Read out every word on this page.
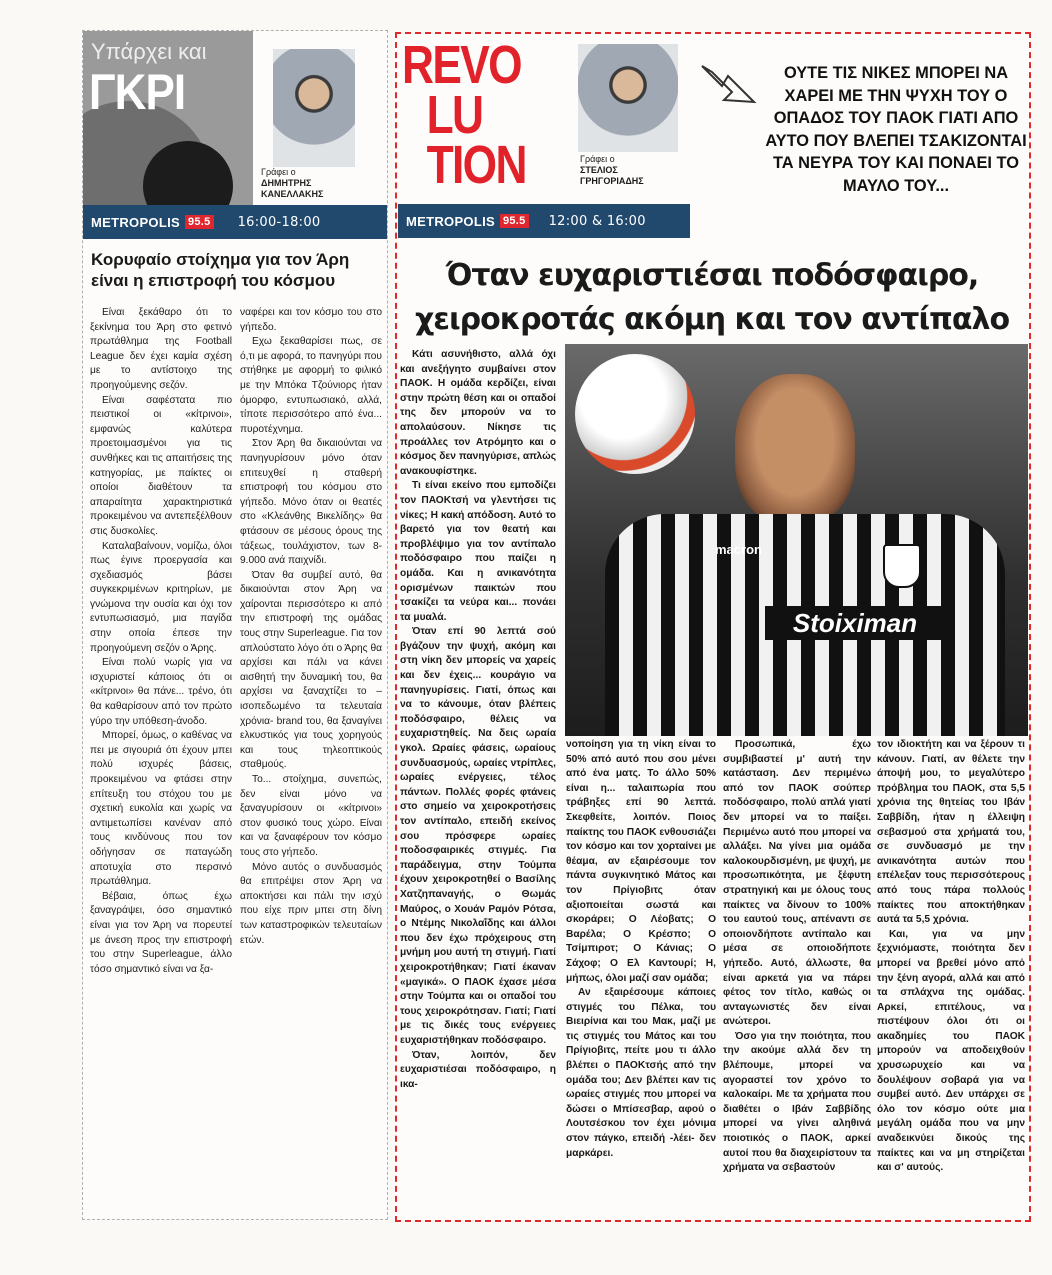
Υπάρχει και
ΓΚΡΙ
Γράφει ο
ΔΗΜΗΤΡΗΣ
ΚΑΝΕΛΛΑΚΗΣ
METROPOLIS 95.5 16:00-18:00
Κορυφαίο στοίχημα για τον Άρη είναι η επιστροφή του κόσμου

Είναι ξεκάθαρο ότι το ξεκίνημα του Άρη στο φετινό πρωτάθλημα της Football League δεν έχει καμία σχέση με το αντίστοιχο της προηγούμενης σεζόν.

Είναι σαφέστατα πιο πειστικοί οι «κίτρινοι», εμφανώς καλύτερα προετοιμασμένοι για τις συνθήκες και τις απαιτήσεις της κατηγορίας, με παίκτες οι οποίοι διαθέτουν τα απαραίτητα χαρακτηριστικά προκειμένου να αντεπεξέλθουν στις δυσκολίες.

Καταλαβαίνουν, νομίζω, όλοι πως έγινε προεργασία και σχεδιασμός βάσει συγκεκριμένων κριτηρίων, με γνώμονα την ουσία και όχι τον εντυπωσιασμό, μια παγίδα στην οποία έπεσε την προηγούμενη σεζόν ο Άρης.

Είναι πολύ νωρίς για να ισχυριστεί κάποιος ότι οι «κίτρινοι» θα πάνε... τρένο, ότι θα καθαρίσουν από τον πρώτο γύρο την υπόθεση-άνοδο.

Μπορεί, όμως, ο καθένας να πει με σιγουριά ότι έχουν μπει πολύ ισχυρές βάσεις, προκειμένου να φτάσει στην επίτευξη του στόχου του με σχετική ευκολία και χωρίς να αντιμετωπίσει κανέναν από τους κινδύνους που τον οδήγησαν σε παταγώδη αποτυχία στο περσινό πρωτάθλημα.

Βέβαια, όπως έχω ξαναγράψει, όσο σημαντικό είναι για τον Άρη να πορευτεί με άνεση προς την επιστροφή του στην Superleague, άλλο τόσο σημαντικό είναι να ξα-

ναφέρει και τον κόσμο του στο γήπεδο.

Εχω ξεκαθαρίσει πως, σε ό,τι με αφορά, το πανηγύρι που στήθηκε με αφορμή το φιλικό με την Μπόκα Τζούνιορς ήταν όμορφο, εντυπωσιακό, αλλά, τίποτε περισσότερο από ένα... πυροτέχνημα.

Στον Άρη θα δικαιούνται να πανηγυρίσουν μόνο όταν επιτευχθεί η σταθερή επιστροφή του κόσμου στο γήπεδο. Μόνο όταν οι θεατές στο «Κλεάνθης Βικελίδης» θα φτάσουν σε μέσους όρους της τάξεως, τουλάχιστον, των 8-9.000 ανά παιχνίδι.

Όταν θα συμβεί αυτό, θα δικαιούνται στον Άρη να χαίρονται περισσότερο κι από την επιστροφή της ομάδας τους στην Superleague. Για τον απλούστατο λόγο ότι ο Άρης θα αρχίσει και πάλι να κάνει αισθητή την δυναμική του, θα αρχίσει να ξαναχτίζει το –ισοπεδωμένο τα τελευταία χρόνια- brand του, θα ξαναγίνει ελκυστικός για τους χορηγούς και τους τηλεοπτικούς σταθμούς.

Το... στοίχημα, συνεπώς, δεν είναι μόνο να ξαναγυρίσουν οι «κίτρινοι» στον φυσικό τους χώρο. Είναι και να ξαναφέρουν τον κόσμο τους στο γήπεδο.

Μόνο αυτός ο συνδυασμός θα επιτρέψει στον Άρη να αποκτήσει και πάλι την ισχύ που είχε πριν μπει στη δίνη των καταστροφικών τελευταίων ετών.

REVO
LU
TION	Γράφει ο
ΣΤΕΛΙΟΣ
ΓΡΗΓΟΡΙΑΔΗΣ
METROPOLIS 95.5 12:00 & 16:00
ΟΥΤΕ ΤΙΣ ΝΙΚΕΣ ΜΠΟΡΕΙ ΝΑ ΧΑΡΕΙ ΜΕ ΤΗΝ ΨΥΧΗ ΤΟΥ Ο ΟΠΑΔΟΣ ΤΟΥ ΠΑΟΚ ΓΙΑΤΙ ΑΠΟ ΑΥΤΟ ΠΟΥ ΒΛΕΠΕΙ ΤΣΑΚΙΖΟΝΤΑΙ ΤΑ ΝΕΥΡΑ ΤΟΥ ΚΑΙ ΠΟΝΑΕΙ ΤΟ ΜΑΥΛΟ ΤΟΥ...
Όταν ευχαριστιέσαι ποδόσφαιρο,
χειροκροτάς ακόμη και τον αντίπαλο
Stoiximan
macron

Κάτι ασυνήθιστο, αλλά όχι και ανεξήγητο συμβαίνει στον ΠΑΟΚ. Η ομάδα κερδίζει, είναι στην πρώτη θέση και οι οπαδοί της δεν μπορούν να το απολαύσουν. Νίκησε τις προάλλες τον Ατρόμητο και ο κόσμος δεν πανηγύρισε, απλώς ανακουφίστηκε.

Τι είναι εκείνο που εμποδίζει τον ΠΑΟΚτσή να γλεντήσει τις νίκες; Η κακή απόδοση. Αυτό το βαρετό για τον θεατή και προβλέψιμο για τον αντίπαλο ποδόσφαιρο που παίζει η ομάδα. Και η ανικανότητα ορισμένων παικτών που τσακίζει τα νεύρα και... πονάει τα μυαλά.

Όταν επί 90 λεπτά σού βγάζουν την ψυχή, ακόμη και στη νίκη δεν μπορείς να χαρείς και δεν έχεις... κουράγιο να πανηγυρίσεις. Γιατί, όπως και να το κάνουμε, όταν βλέπεις ποδόσφαιρο, θέλεις να ευχαριστηθείς. Να δεις ωραία γκολ. Ωραίες φάσεις, ωραίους συνδυασμούς, ωραίες ντρίπλες, ωραίες ενέργειες, τέλος πάντων. Πολλές φορές φτάνεις στο σημείο να χειροκροτήσεις τον αντίπαλο, επειδή εκείνος σου πρόσφερε ωραίες ποδοσφαιρικές στιγμές. Για παράδειγμα, στην Τούμπα έχουν χειροκροτηθεί ο Βασίλης Χατζηπαναγής, ο Θωμάς Μαύρος, ο Χουάν Ραμόν Ρότσα, ο Ντέμης Νικολαΐδης και άλλοι που δεν έχω πρόχειρους στη μνήμη μου αυτή τη στιγμή. Γιατί χειροκροτήθηκαν; Γιατί έκαναν «μαγικά». Ο ΠΑΟΚ έχασε μέσα στην Τούμπα και οι οπαδοί του τους χειροκρότησαν. Γιατί; Γιατί με τις δικές τους ενέργειες ευχαριστήθηκαν ποδόσφαιρο.

Όταν, λοιπόν, δεν ευχαριστιέσαι ποδόσφαιρο, η ικα-

νοποίηση για τη νίκη είναι το 50% από αυτό που σου μένει από ένα ματς. Το άλλο 50% είναι η... ταλαιπωρία που τράβηξες επί 90 λεπτά. Σκεφθείτε, λοιπόν. Ποιος παίκτης του ΠΑΟΚ ενθουσιάζει τον κόσμο και τον χορταίνει με θέαμα, αν εξαιρέσουμε τον πάντα συγκινητικό Μάτος και τον Πρίγιοβιτς όταν αξιοποιείται σωστά και σκοράρει; Ο Λέοβατς; Ο Βαρέλα; Ο Κρέσπο; Ο Τσίμπιροτ; Ο Κάνιας; Ο Σάχοφ; Ο Ελ Καντουρί; Η, μήπως, όλοι μαζί σαν ομάδα;

Αν εξαιρέσουμε κάποιες στιγμές του Πέλκα, του Βιειρίνια και του Μακ, μαζί με τις στιγμές του Μάτος και του Πρίγιοβιτς, πείτε μου τι άλλο βλέπει ο ΠΑΟΚτσής από την ομάδα του; Δεν βλέπει καν τις ωραίες στιγμές που μπορεί να δώσει ο Μπίσεσβαρ, αφού ο Λουτσέσκου τον έχει μόνιμα στον πάγκο, επειδή -λέει- δεν μαρκάρει.

Προσωπικά, έχω συμβιβαστεί μ' αυτή την κατάσταση. Δεν περιμένω από τον ΠΑΟΚ σούπερ ποδόσφαιρο, πολύ απλά γιατί δεν μπορεί να το παίξει. Περιμένω αυτό που μπορεί να αλλάξει. Να γίνει μια ομάδα καλοκουρδισμένη, με ψυχή, με προσωπικότητα, με ξέφυτη στρατηγική και με όλους τους παίκτες να δίνουν το 100% του εαυτού τους, απέναντι σε οποιονδήποτε αντίπαλο και μέσα σε οποιοδήποτε γήπεδο. Αυτό, άλλωστε, θα είναι αρκετά για να πάρει φέτος τον τίτλο, καθώς οι ανταγωνιστές δεν είναι ανώτεροι.

Όσο για την ποιότητα, που την ακούμε αλλά δεν τη βλέπουμε, μπορεί να αγοραστεί τον χρόνο το καλοκαίρι. Με τα χρήματα που διαθέτει ο Ιβάν Σαββίδης μπορεί να γίνει αληθινά ποιοτικός ο ΠΑΟΚ, αρκεί αυτοί που θα διαχειρίστουν τα χρήματα να σεβαστούν

τον ιδιοκτήτη και να ξέρουν τι κάνουν. Γιατί, αν θέλετε την άποψή μου, το μεγαλύτερο πρόβλημα του ΠΑΟΚ, στα 5,5 χρόνια της θητείας του Ιβάν Σαββίδη, ήταν η έλλειψη σεβασμού στα χρήματά του, σε συνδυασμό με την ανικανότητα αυτών που επέλεξαν τους περισσότερους από τους πάρα πολλούς παίκτες που αποκτήθηκαν αυτά τα 5,5 χρόνια.

Και, για να μην ξεχνιόμαστε, ποιότητα δεν μπορεί να βρεθεί μόνο από την ξένη αγορά, αλλά και από τα σπλάχνα της ομάδας. Αρκεί, επιτέλους, να πιστέψουν όλοι ότι οι ακαδημίες του ΠΑΟΚ μπορούν να αποδειχθούν χρυσωρυχείο και να δουλέψουν σοβαρά για να συμβεί αυτό. Δεν υπάρχει σε όλο τον κόσμο ούτε μια μεγάλη ομάδα που να μην αναδεικνύει δικούς της παίκτες και να μη στηρίζεται και σ' αυτούς.
